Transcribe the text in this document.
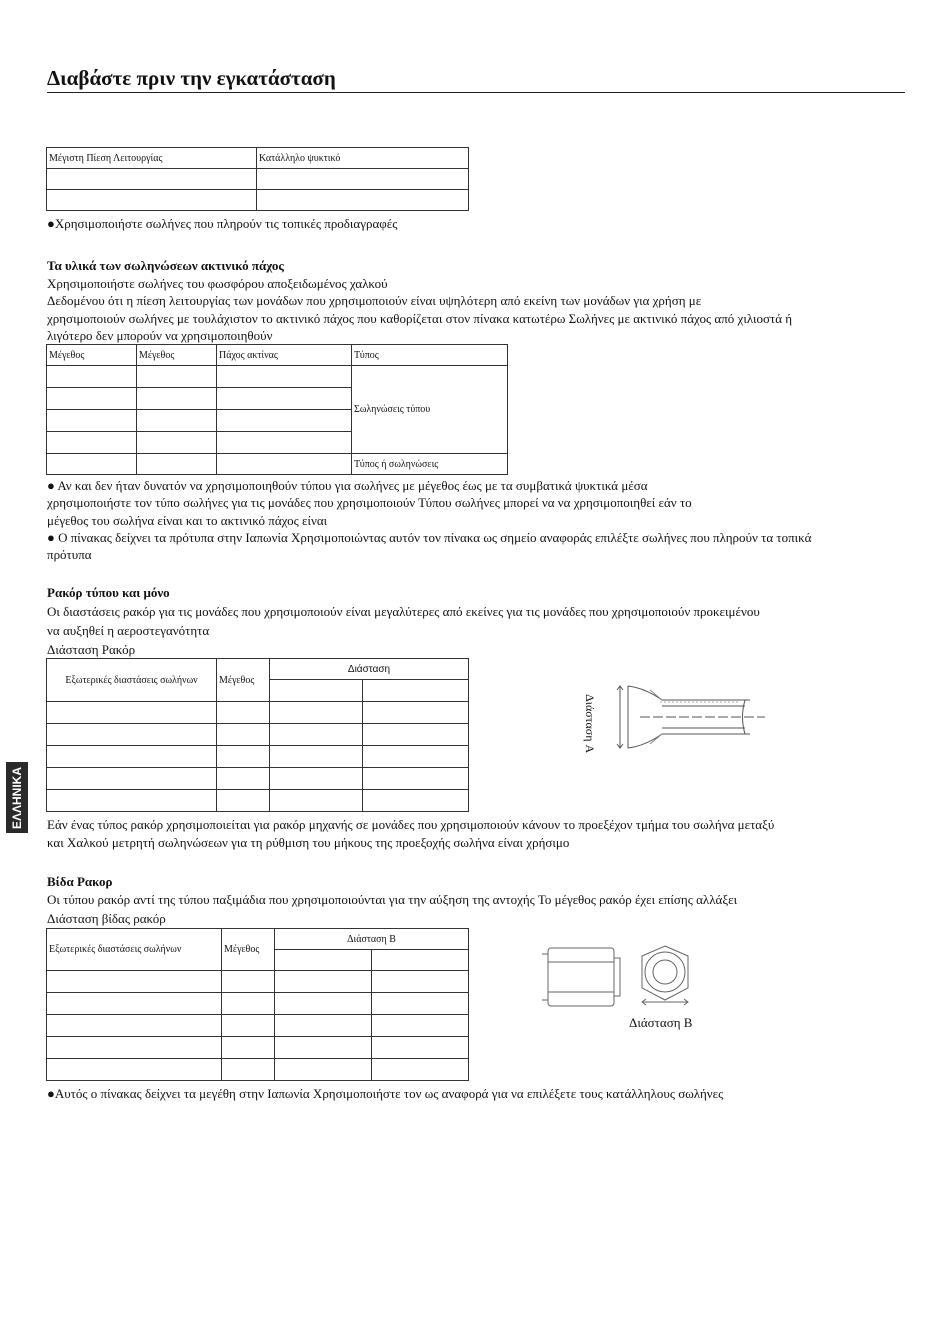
Διαβάστε πριν την εγκατάσταση
ΕΛΛΗΝΙΚΑ
Μέγιστη Πίεση Λειτουργίας	Κατάλληλο ψυκτικό

●Χρησιμοποιήστε σωλήνες που πληρούν τις τοπικές προδιαγραφές
Τα υλικά των σωληνώσεων ακτινικό πάχος
Χρησιμοποιήστε σωλήνες του φωσφόρου αποξειδωμένος χαλκού
Δεδομένου ότι η πίεση λειτουργίας των μονάδων που χρησιμοποιούν είναι υψηλότερη από εκείνη των μονάδων για χρήση με
χρησιμοποιούν σωλήνες με τουλάχιστον το ακτινικό πάχος που καθορίζεται στον πίνακα κατωτέρω Σωλήνες με ακτινικό πάχος από χιλιοστά ή
λιγότερο δεν μπορούν να χρησιμοποιηθούν
Μέγεθος	Μέγεθος	Πάχος ακτίνας	Τύπος
			Σωληνώσεις τύπου

			Τύπος ή σωληνώσεις
● Αν και δεν ήταν δυνατόν να χρησιμοποιηθούν τύπου για σωλήνες με μέγεθος έως με τα συμβατικά ψυκτικά μέσα
χρησιμοποιήστε τον τύπο σωλήνες για τις μονάδες που χρησιμοποιούν Τύπου σωλήνες μπορεί να να χρησιμοποιηθεί εάν το
μέγεθος του σωλήνα είναι και το ακτινικό πάχος είναι
● Ο πίνακας δείχνει τα πρότυπα στην Ιαπωνία Χρησιμοποιώντας αυτόν τον πίνακα ως σημείο αναφοράς επιλέξτε σωλήνες που πληρούν τα τοπικά
πρότυπα
Ρακόρ τύπου και μόνο
Οι διαστάσεις ρακόρ για τις μονάδες που χρησιμοποιούν είναι μεγαλύτερες από εκείνες για τις μονάδες που χρησιμοποιούν προκειμένου
να αυξηθεί η αεροστεγανότητα
Διάσταση Ρακόρ
Εξωτερικές διαστάσεις σωλήνων	Μέγεθος	Διάσταση	

Διάσταση A
Εάν ένας τύπος ρακόρ χρησιμοποιείται για ρακόρ μηχανής σε μονάδες που χρησιμοποιούν κάνουν το προεξέχον τμήμα του σωλήνα μεταξύ
και Χαλκού μετρητή σωληνώσεων για τη ρύθμιση του μήκους της προεξοχής σωλήνα είναι χρήσιμο
Βίδα Ρακορ
Οι τύπου ρακόρ αντί της τύπου παξιμάδια που χρησιμοποιούνται για την αύξηση της αντοχής Το μέγεθος ρακόρ έχει επίσης αλλάξει
Διάσταση βίδας ρακόρ
Εξωτερικές διαστάσεις σωλήνων	Μέγεθος	Διάσταση B	

Διάσταση B
●Αυτός ο πίνακας δείχνει τα μεγέθη στην Ιαπωνία Χρησιμοποιήστε τον ως αναφορά για να επιλέξετε τους κατάλληλους σωλήνες
